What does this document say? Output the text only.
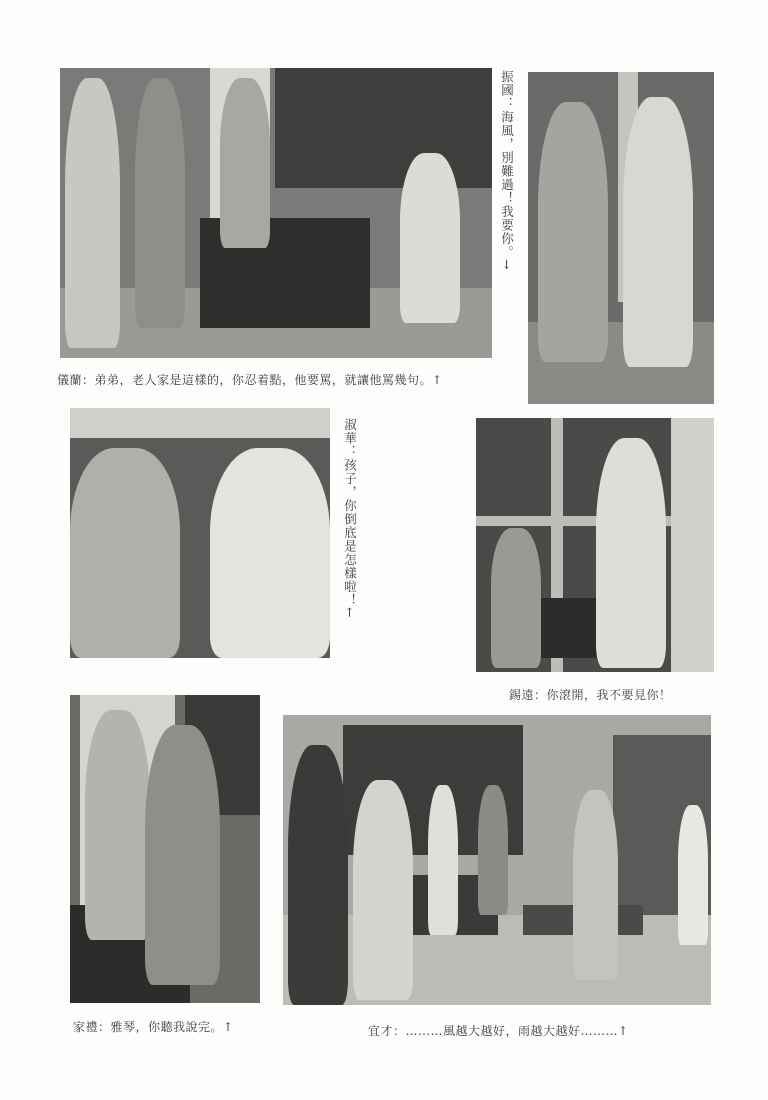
儀蘭：弟弟，老人家是這樣的，你忍着點，他要罵，就讓他罵幾句。↑
振國：海風，別難過！我要你。→
淑華：孩子，你倒底是怎樣啦！←
錫遠：你滾開，我不要見你！
家禮：雅琴，你聽我說完。↑	宜才：………風越大越好，雨越大越好………↑
